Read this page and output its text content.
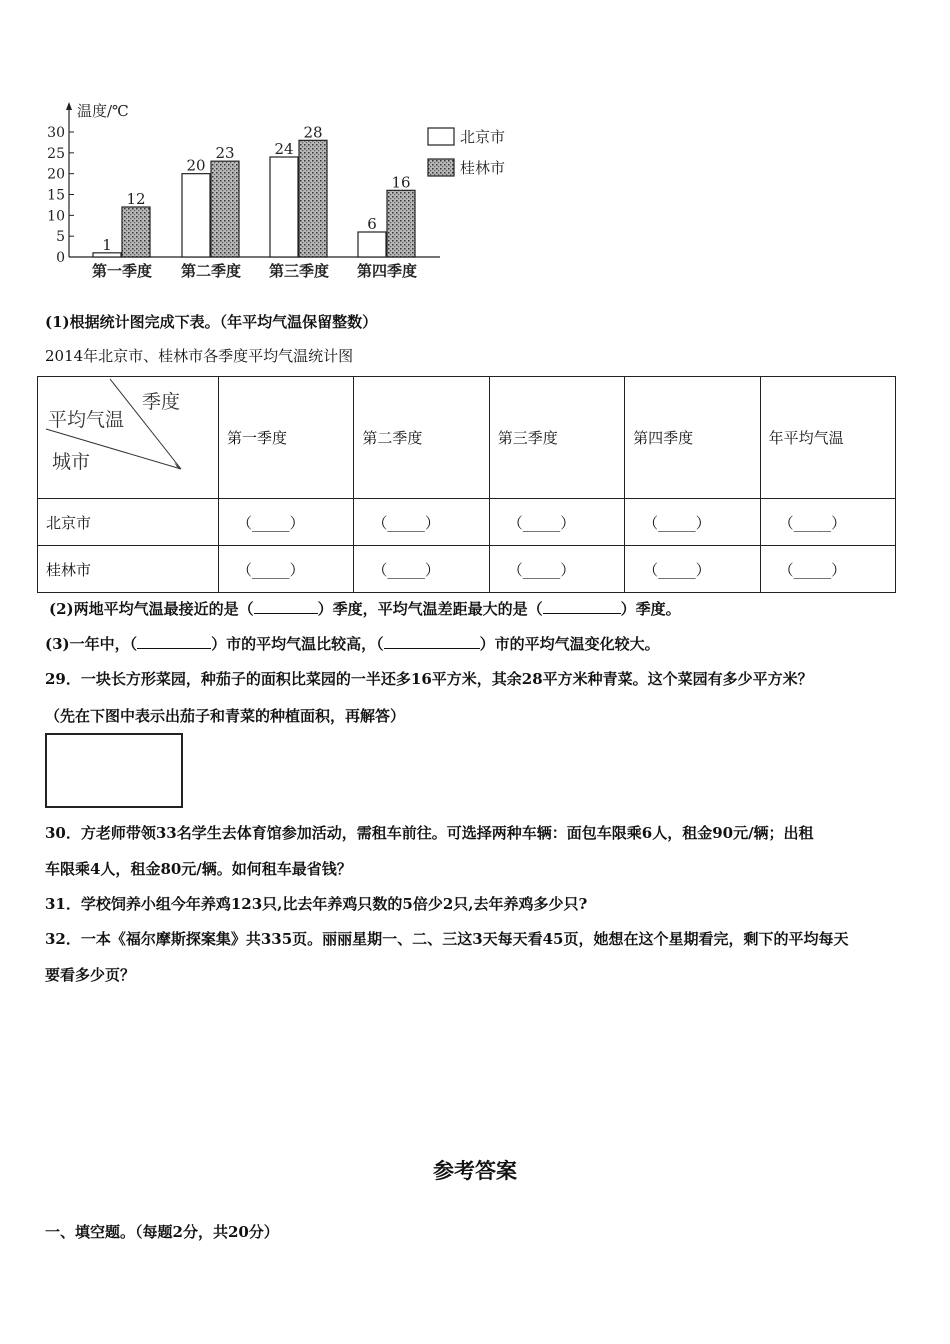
温度/℃
0
5
10
15
20
25
30
1
12
20
23	24
28
6
16
第一季度 第二季度 第三季度 第四季度
北京市
桂林市
(1)根据统计图完成下表。（年平均气温保留整数）
2014年北京市、桂林市各季度平均气温统计图
季度
平均气温
城市	第一季度	第二季度	第三季度	第四季度	年平均气温
北京市	（_____）	（_____）	（_____）	（_____）	（_____）
桂林市	（_____）	（_____）	（_____）	（_____）	（_____）
(2)两地平均气温最接近的是（	）季度，平均气温差距最大的是（	）季度。
(3)一年中，（	）市的平均气温比较高，（	）市的平均气温变化较大。
29．一块长方形菜园，种茄子的面积比菜园的一半还多16平方米，其余28平方米种青菜。这个菜园有多少平方米？
（先在下图中表示出茄子和青菜的种植面积，再解答）
30．方老师带领33名学生去体育馆参加活动，需租车前往。可选择两种车辆：面包车限乘6人，租金90元/辆；出租
车限乘4人，租金80元/辆。如何租车最省钱？
31．学校饲养小组今年养鸡123只,比去年养鸡只数的5倍少2只,去年养鸡多少只?
32．一本《福尔摩斯探案集》共335页。丽丽星期一、二、三这3天每天看45页，她想在这个星期看完，剩下的平均每天
要看多少页？
参考答案
一、填空题。（每题2分，共20分）
